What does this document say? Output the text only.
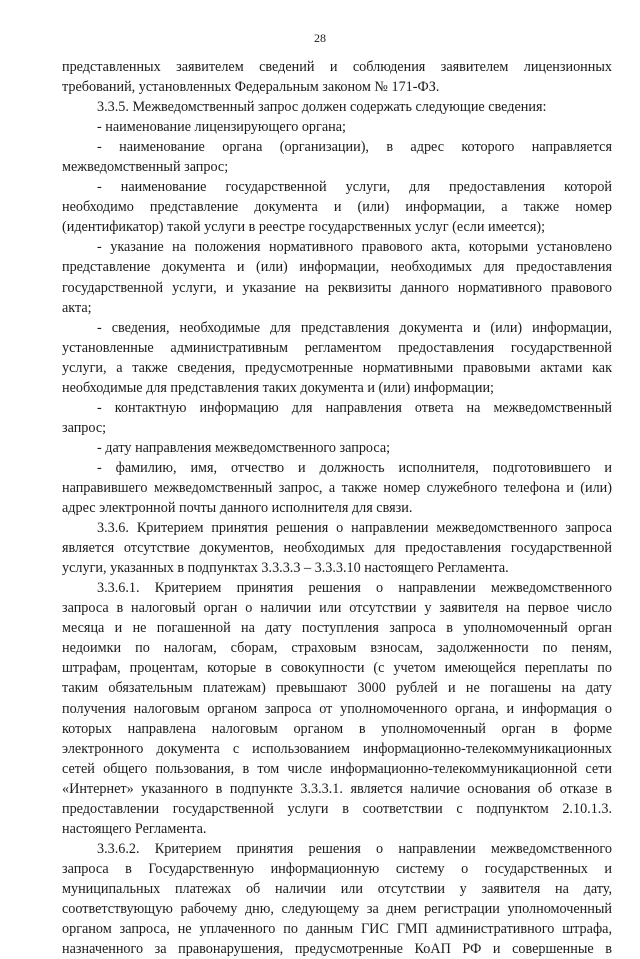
28
представленных заявителем сведений и соблюдения заявителем лицензионных
требований, установленных Федеральным законом № 171-ФЗ.
3.3.5. Межведомственный запрос должен содержать следующие сведения:
- наименование лицензирующего органа;
- наименование органа (организации), в адрес которого направляется
межведомственный запрос;
- наименование государственной услуги, для предоставления которой
необходимо представление документа и (или) информации, а также номер
(идентификатор) такой услуги в реестре государственных услуг (если имеется);
- указание на положения нормативного правового акта, которыми установлено
представление документа и (или) информации, необходимых для предоставления
государственной услуги, и указание на реквизиты данного нормативного правового
акта;
- сведения, необходимые для представления документа и (или) информации,
установленные административным регламентом предоставления государственной
услуги, а также сведения, предусмотренные нормативными правовыми актами как
необходимые для представления таких документа и (или) информации;
- контактную информацию для направления ответа на межведомственный
запрос;
- дату направления межведомственного запроса;
- фамилию, имя, отчество и должность исполнителя, подготовившего и
направившего межведомственный запрос, а также номер служебного телефона и (или)
адрес электронной почты данного исполнителя для связи.
3.3.6. Критерием принятия решения о направлении межведомственного запроса
является отсутствие документов, необходимых для предоставления государственной
услуги, указанных в подпунктах 3.3.3.3 – 3.3.3.10 настоящего Регламента.
3.3.6.1. Критерием принятия решения о направлении межведомственного
запроса в налоговый орган о наличии или отсутствии у заявителя на первое число
месяца и не погашенной на дату поступления запроса в уполномоченный орган
недоимки по налогам, сборам, страховым взносам, задолженности по пеням,
штрафам, процентам, которые в совокупности (с учетом имеющейся переплаты по
таким обязательным платежам) превышают 3000 рублей и не погашены на дату
получения налоговым органом запроса от уполномоченного органа, и информация о
которых направлена налоговым органом в уполномоченный орган в форме
электронного документа с использованием информационно-телекоммуникационных
сетей общего пользования, в том числе информационно-телекоммуникационной сети
«Интернет» указанного в подпункте 3.3.3.1. является наличие основания об отказе в
предоставлении государственной услуги в соответствии с подпунктом 2.10.1.3.
настоящего Регламента.
3.3.6.2. Критерием принятия решения о направлении межведомственного
запроса в Государственную информационную систему о государственных и
муниципальных платежах об наличии или отсутствии у заявителя на дату,
соответствующую рабочему дню, следующему за днем регистрации уполномоченный
органом запроса, не уплаченного по данным ГИС ГМП административного штрафа,
назначенного за правонарушения, предусмотренные КоАП РФ и совершенные в
